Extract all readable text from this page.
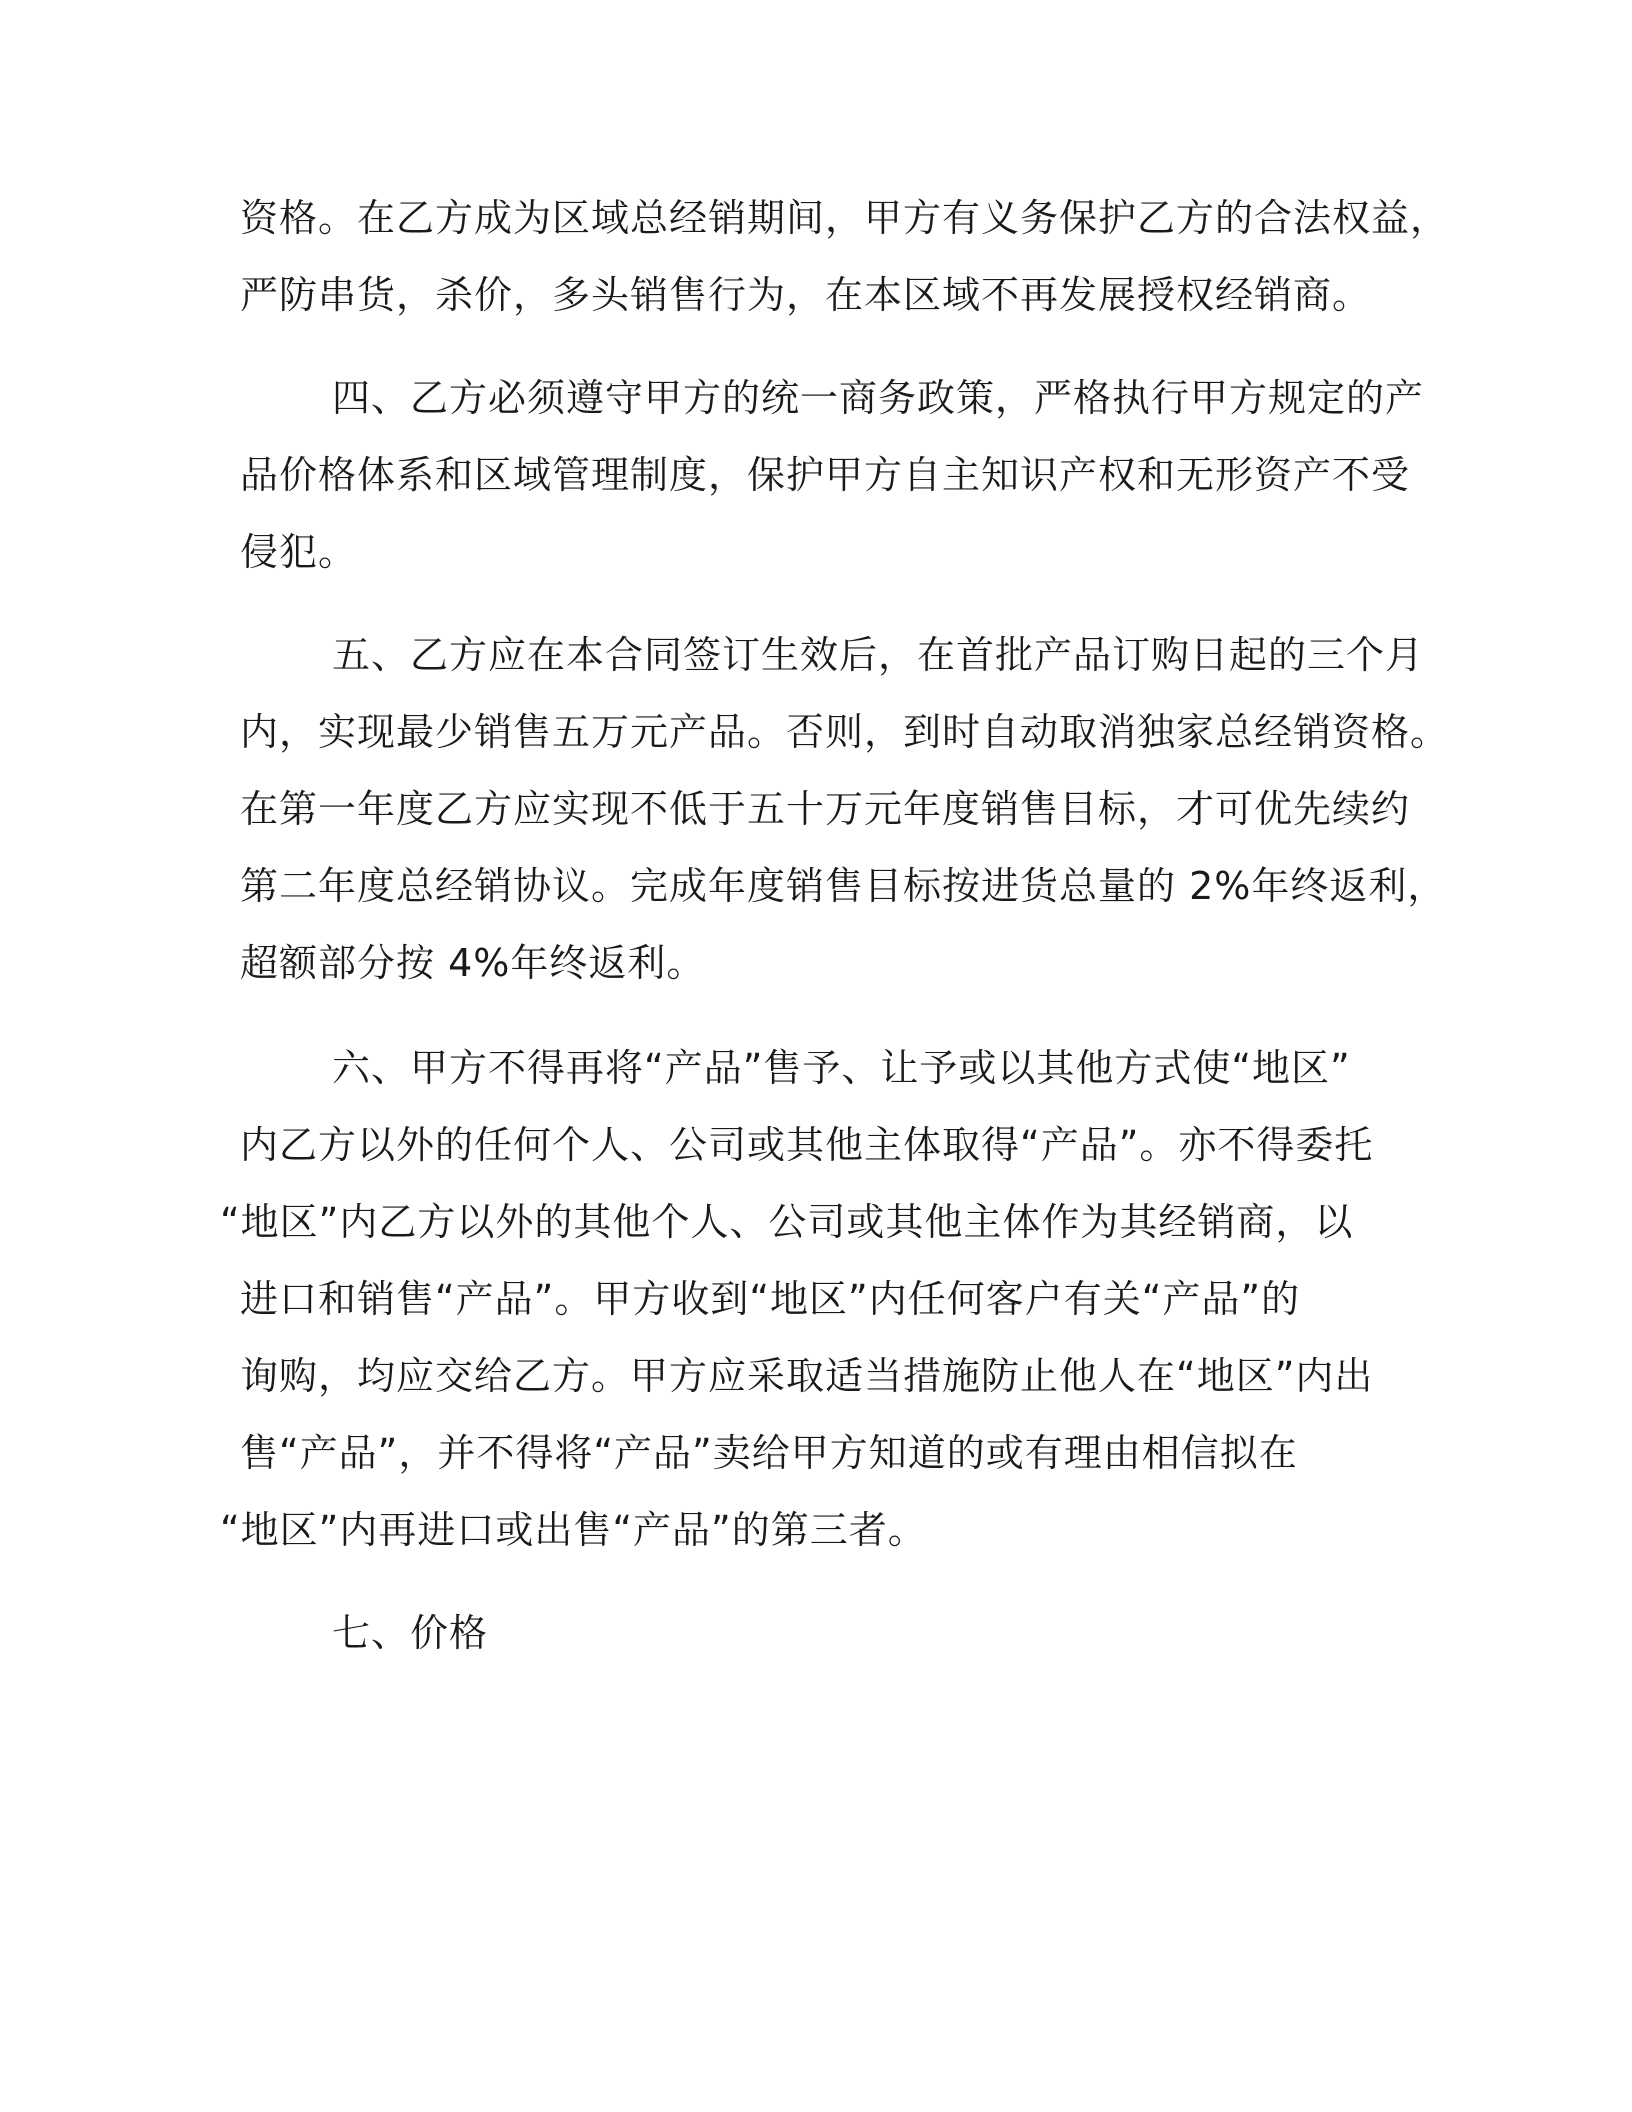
资格。在乙方成为区域总经销期间，甲方有义务保护乙方的合法权益，
严防串货，杀价，多头销售行为，在本区域不再发展授权经销商。
四、乙方必须遵守甲方的统一商务政策，严格执行甲方规定的产
品价格体系和区域管理制度，保护甲方自主知识产权和无形资产不受
侵犯。
五、乙方应在本合同签订生效后，在首批产品订购日起的三个月
内，实现最少销售五万元产品。否则，到时自动取消独家总经销资格。
在第一年度乙方应实现不低于五十万元年度销售目标，才可优先续约
第二年度总经销协议。完成年度销售目标按进货总量的 2%年终返利，
超额部分按 4%年终返利。
六、甲方不得再将“产品”售予、让予或以其他方式使“地区”
内乙方以外的任何个人、公司或其他主体取得“产品”。亦不得委托
“地区”内乙方以外的其他个人、公司或其他主体作为其经销商，以
进口和销售“产品”。甲方收到“地区”内任何客户有关“产品”的
询购，均应交给乙方。甲方应采取适当措施防止他人在“地区”内出
售“产品”，并不得将“产品”卖给甲方知道的或有理由相信拟在
“地区”内再进口或出售“产品”的第三者。
七、价格
